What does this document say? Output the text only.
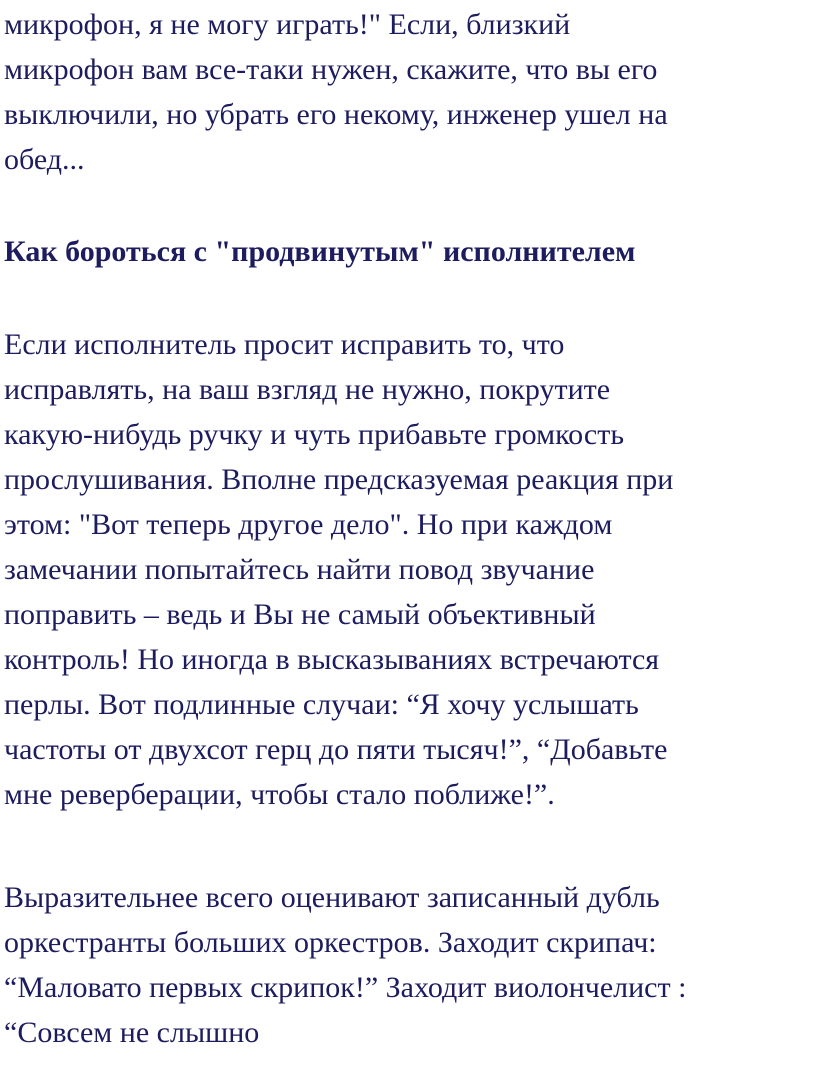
микрофон, я не могу играть!" Если, близкий
микрофон вам все-таки нужен, скажите, что вы его
выключили, но убрать его некому, инженер ушел на
обед...
Как бороться с "продвинутым" исполнителем
Если исполнитель просит исправить то, что
исправлять, на ваш взгляд не нужно, покрутите
какую-нибудь ручку и чуть прибавьте громкость
прослушивания. Вполне предсказуемая реакция при
этом: "Вот теперь другое дело". Но при каждом
замечании попытайтесь найти повод звучание
поправить – ведь и Вы не самый объективный
контроль! Но иногда в высказываниях встречаются
перлы. Вот подлинные случаи: “Я хочу услышать
частоты от двухсот герц до пяти тысяч!”, “Добавьте
мне реверберации, чтобы стало поближе!”.
Выразительнее всего оценивают записанный дубль
оркестранты больших оркестров. Заходит скрипач:
“Маловато первых скрипок!” Заходит виолончелист :
“Совсем не слышно
